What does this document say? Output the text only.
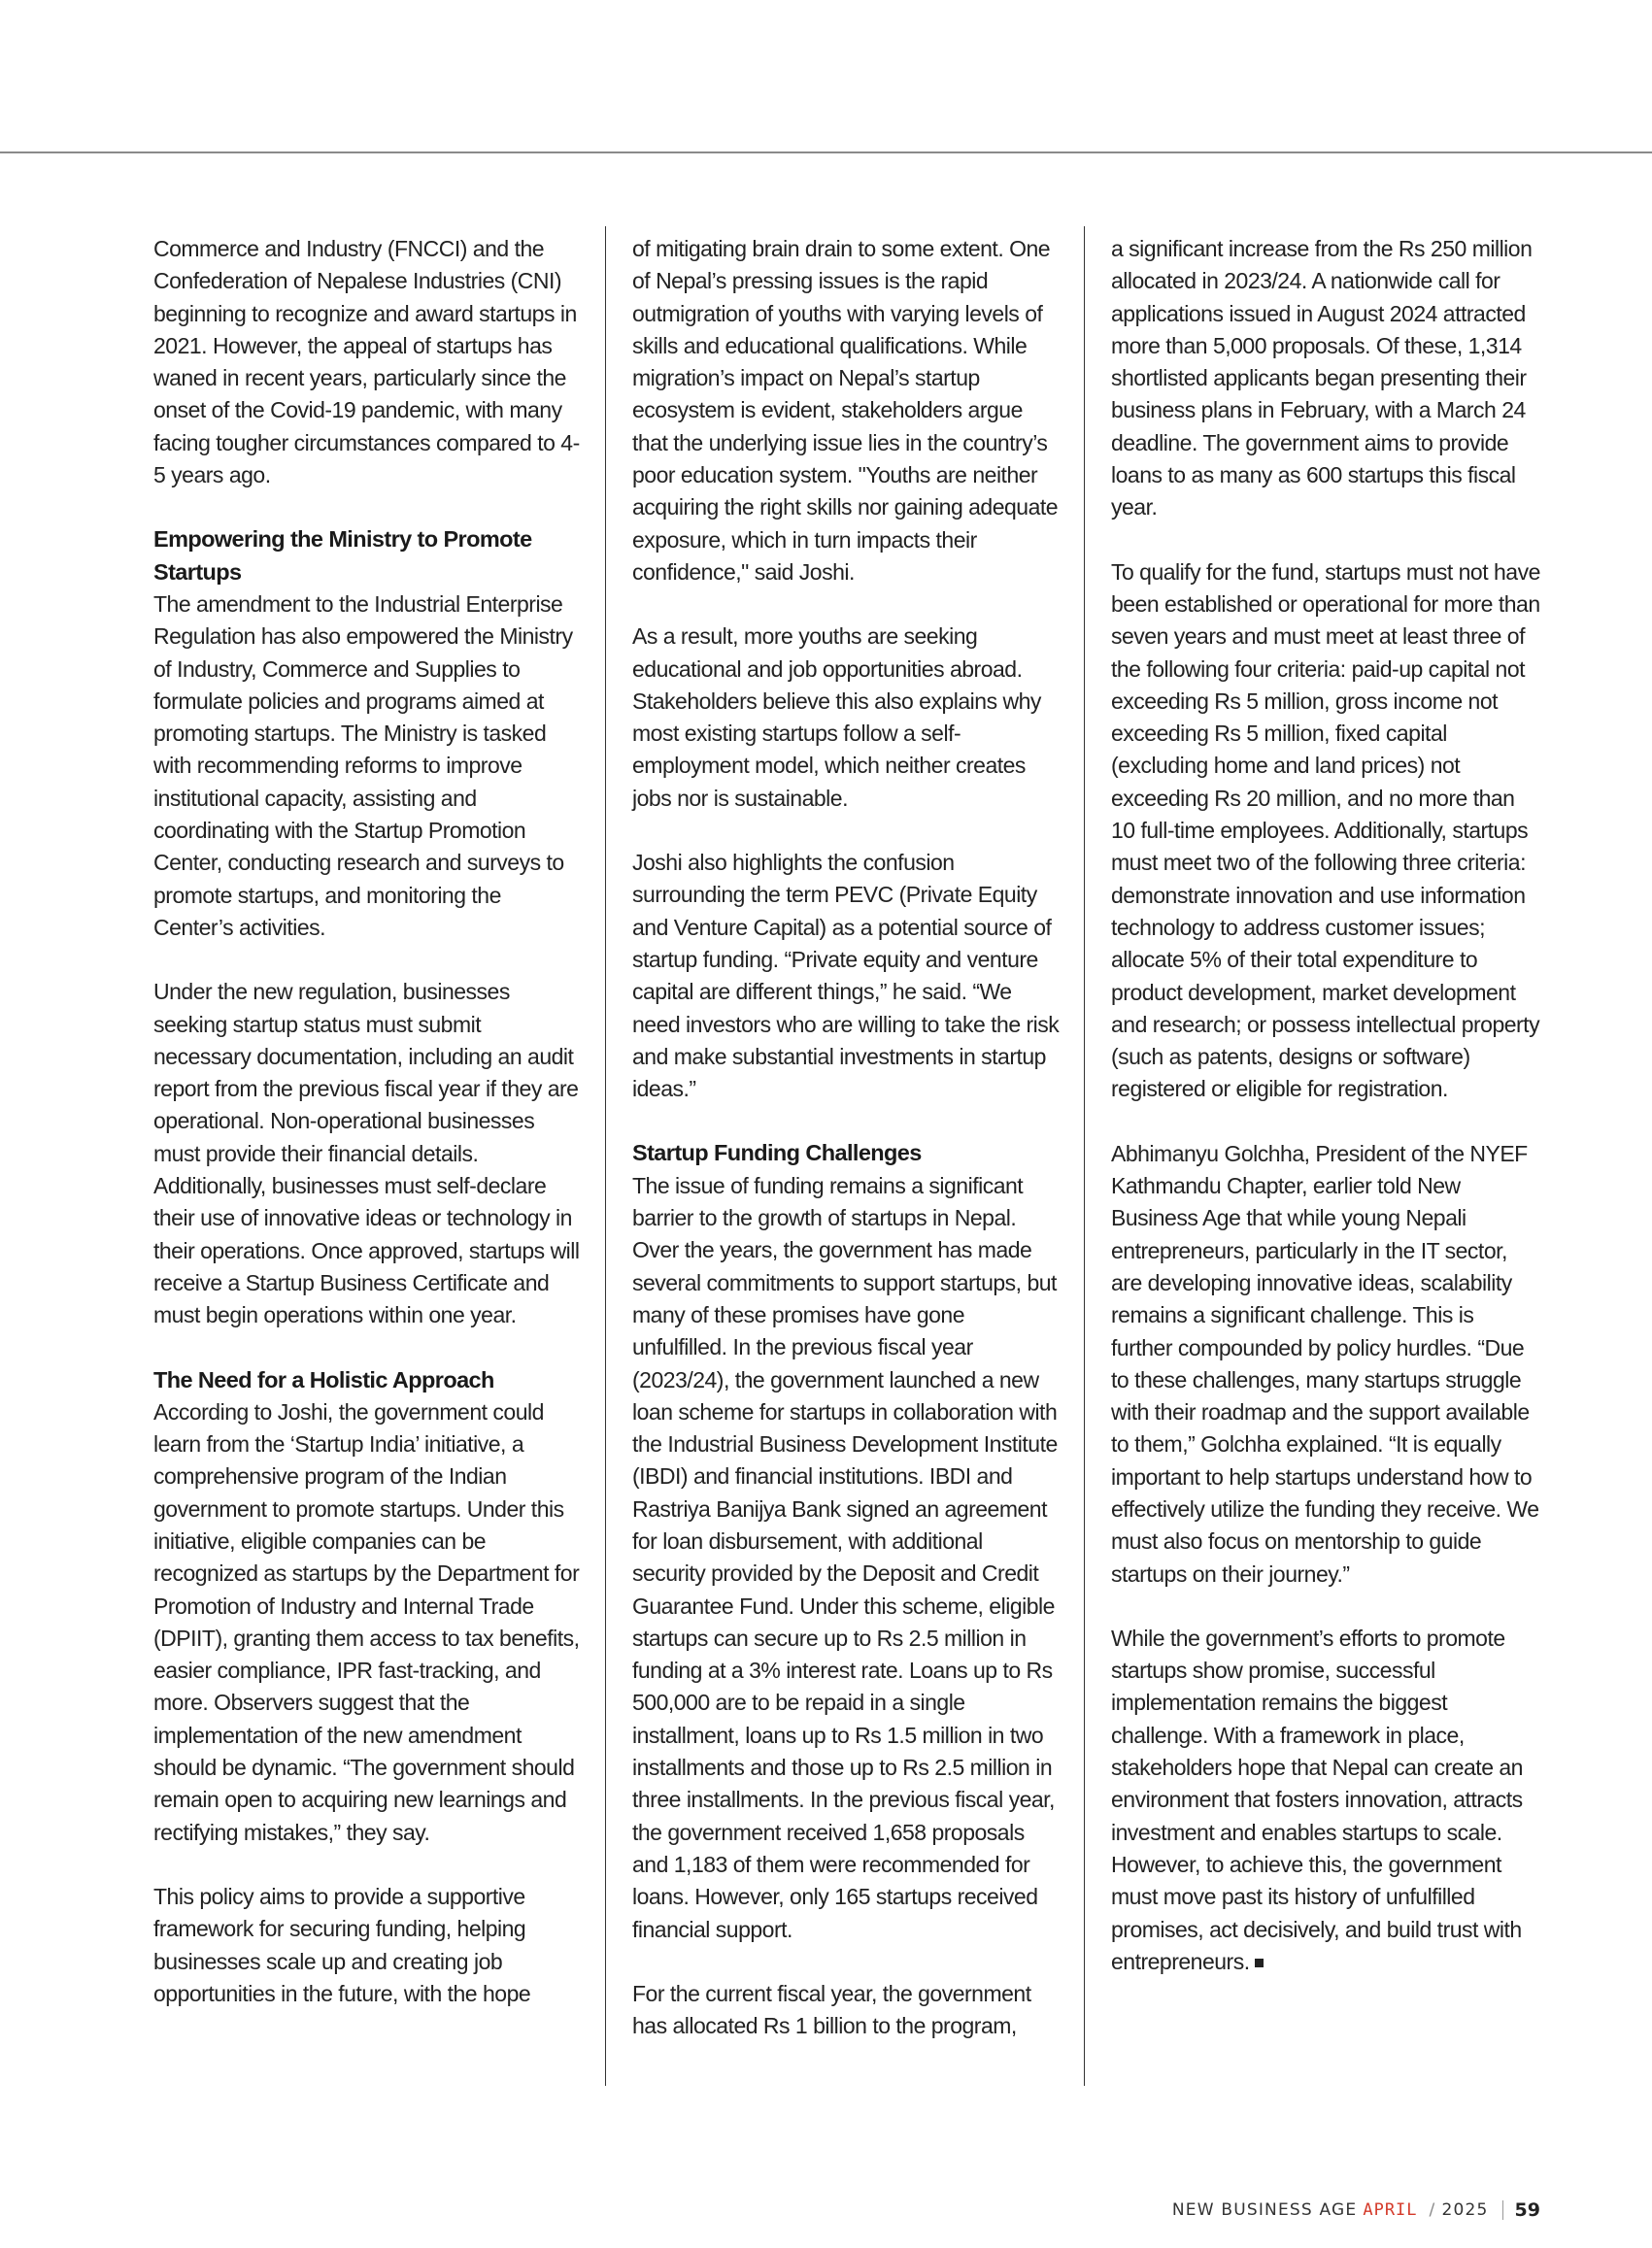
Commerce and Industry (FNCCI) and the Confederation of Nepalese Industries (CNI) beginning to recognize and award startups in 2021. However, the appeal of startups has waned in recent years, particularly since the onset of the Covid-19 pandemic, with many facing tougher circumstances compared to 4-5 years ago.

Empowering the Ministry to Promote Startups

The amendment to the Industrial Enterprise Regulation has also empowered the Ministry of Industry, Commerce and Supplies to formulate policies and programs aimed at promoting startups. The Ministry is tasked with recommending reforms to improve institutional capacity, assisting and coordinating with the Startup Promotion Center, conducting research and surveys to promote startups, and monitoring the Center’s activities.

Under the new regulation, businesses seeking startup status must submit necessary documentation, including an audit report from the previous fiscal year if they are operational. Non-operational businesses must provide their financial details. Additionally, businesses must self-declare their use of innovative ideas or technology in their operations. Once approved, startups will receive a Startup Business Certificate and must begin operations within one year.

The Need for a Holistic Approach

According to Joshi, the government could learn from the ‘Startup India’ initiative, a comprehensive program of the Indian government to promote startups. Under this initiative, eligible companies can be recognized as startups by the Department for Promotion of Industry and Internal Trade (DPIIT), granting them access to tax benefits, easier compliance, IPR fast-tracking, and more. Observers suggest that the implementation of the new amendment should be dynamic. “The government should remain open to acquiring new learnings and rectifying mistakes,” they say.

This policy aims to provide a supportive framework for securing funding, helping businesses scale up and creating job opportunities in the future, with the hope

of mitigating brain drain to some extent. One of Nepal’s pressing issues is the rapid outmigration of youths with varying levels of skills and educational qualifications. While migration’s impact on Nepal’s startup ecosystem is evident, stakeholders argue that the underlying issue lies in the country’s poor education system. "Youths are neither acquiring the right skills nor gaining adequate exposure, which in turn impacts their confidence," said Joshi.

As a result, more youths are seeking educational and job opportunities abroad. Stakeholders believe this also explains why most existing startups follow a self-employment model, which neither creates jobs nor is sustainable.

Joshi also highlights the confusion surrounding the term PEVC (Private Equity and Venture Capital) as a potential source of startup funding. “Private equity and venture capital are different things,” he said. “We need investors who are willing to take the risk and make substantial investments in startup ideas.”

Startup Funding Challenges

The issue of funding remains a significant barrier to the growth of startups in Nepal. Over the years, the government has made several commitments to support startups, but many of these promises have gone unfulfilled. In the previous fiscal year (2023/24), the government launched a new loan scheme for startups in collaboration with the Industrial Business Development Institute (IBDI) and financial institutions. IBDI and Rastriya Banijya Bank signed an agreement for loan disbursement, with additional security provided by the Deposit and Credit Guarantee Fund. Under this scheme, eligible startups can secure up to Rs 2.5 million in funding at a 3% interest rate. Loans up to Rs 500,000 are to be repaid in a single installment, loans up to Rs 1.5 million in two installments and those up to Rs 2.5 million in three installments. In the previous fiscal year, the government received 1,658 proposals and 1,183 of them were recommended for loans. However, only 165 startups received financial support.

For the current fiscal year, the government has allocated Rs 1 billion to the program,

a significant increase from the Rs 250 million allocated in 2023/24. A nationwide call for applications issued in August 2024 attracted more than 5,000 proposals. Of these, 1,314 shortlisted applicants began presenting their business plans in February, with a March 24 deadline. The government aims to provide loans to as many as 600 startups this fiscal year.

To qualify for the fund, startups must not have been established or operational for more than seven years and must meet at least three of the following four criteria: paid-up capital not exceeding Rs 5 million, gross income not exceeding Rs 5 million, fixed capital (excluding home and land prices) not exceeding Rs 20 million, and no more than 10 full-time employees. Additionally, startups must meet two of the following three criteria: demonstrate innovation and use information technology to address customer issues; allocate 5% of their total expenditure to product development, market development and research; or possess intellectual property (such as patents, designs or software) registered or eligible for registration.

Abhimanyu Golchha, President of the NYEF Kathmandu Chapter, earlier told New Business Age that while young Nepali entrepreneurs, particularly in the IT sector, are developing innovative ideas, scalability remains a significant challenge. This is further compounded by policy hurdles. “Due to these challenges, many startups struggle with their roadmap and the support available to them,” Golchha explained. “It is equally important to help startups understand how to effectively utilize the funding they receive. We must also focus on mentorship to guide startups on their journey.”

While the government’s efforts to promote startups show promise, successful implementation remains the biggest challenge. With a framework in place, stakeholders hope that Nepal can create an environment that fosters innovation, attracts investment and enables startups to scale. However, to achieve this, the government must move past its history of unfulfilled promises, act decisively, and build trust with entrepreneurs.

NEW BUSINESS AGE APRIL / 2025 59
